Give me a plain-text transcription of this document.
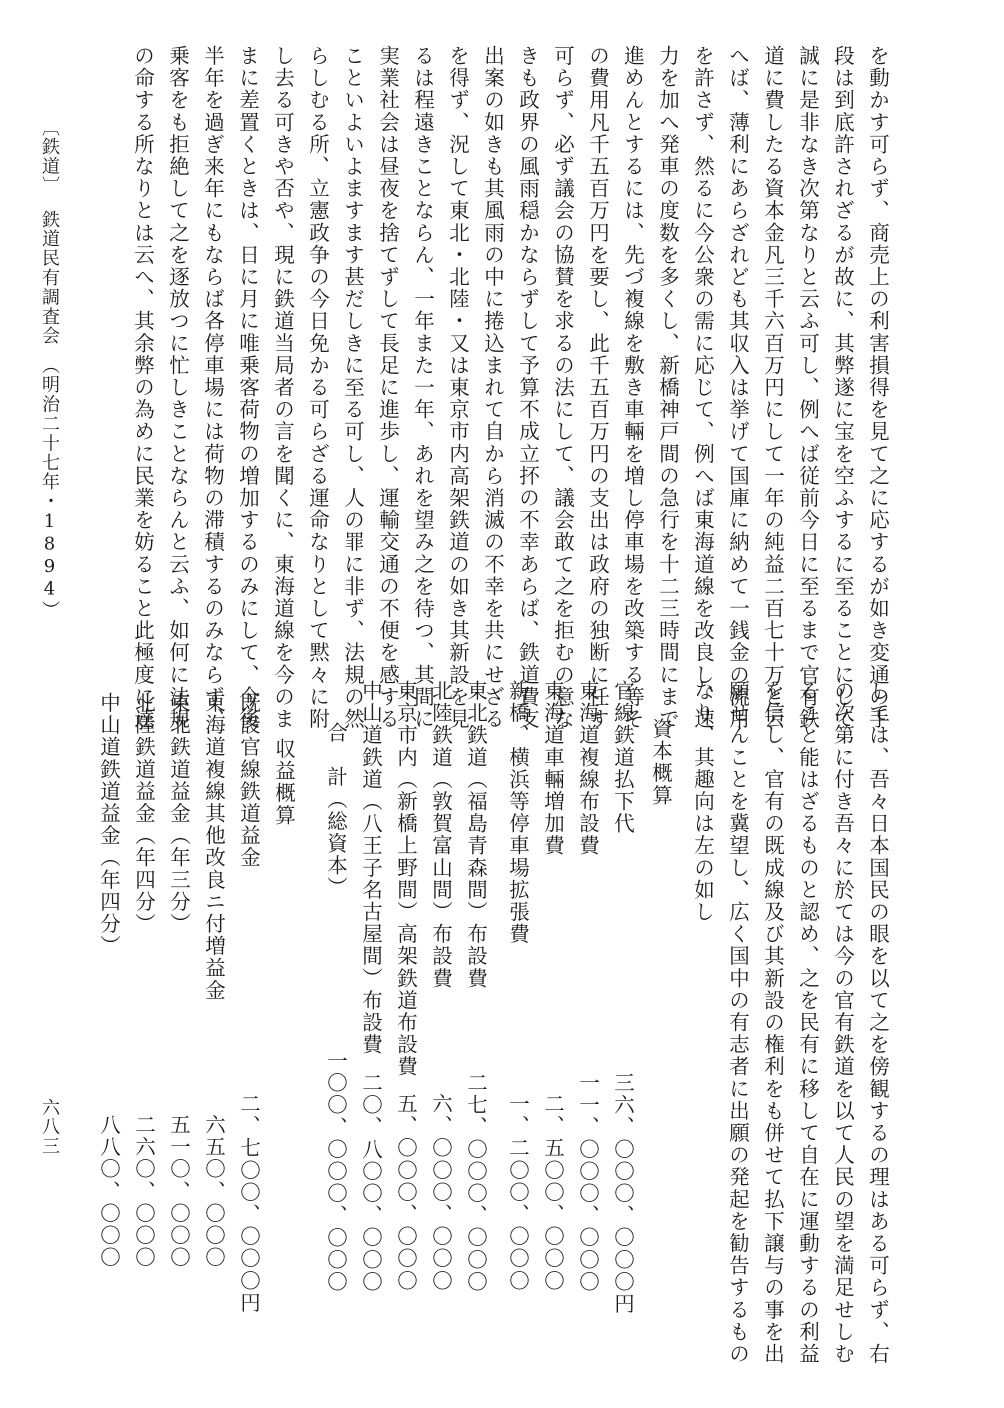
を動かす可らず、商売上の利害損得を見て之に応するが如き変通の手
段は到底許されざるが故に、其弊遂に宝を空ふするに至ることにして
誠に是非なき次第なりと云ふ可し、例へば従前今日に至るまで官有鉄
道に費したる資本金凡三千六百万円にして一年の純益二百七十万と云
へば、薄利にあらざれども其収入は挙げて国庫に納めて一銭金の流用
を許さず、然るに今公衆の需に応じて、例へば東海道線を改良し、速
力を加へ発車の度数を多くし、新橋神戸間の急行を十二三時間にまで
進めんとするには、先づ複線を敷き車輛を増し停車場を改築する等そ
の費用凡千五百万円を要し、此千五百万円の支出は政府の独断に任す
可らず、必ず議会の協賛を求るの法にして、議会敢て之を拒むの意な
きも政界の風雨穏かならずして予算不成立抔の不幸あらば、鉄道費支
出案の如きも其風雨の中に捲込まれて自から消滅の不幸を共にせざる
を得ず、況して東北・北陸・又は東京市内高架鉄道の如き其新設を見
るは程遠きことならん、一年また一年、あれを望み之を待つ、其間に
実業社会は昼夜を捨てずして長足に進歩し、運輸交通の不便を感する
こといよいよますます甚だしきに至る可し、人の罪に非ず、法規の然
らしむる所、立憲政争の今日免かる可らざる運命なりとして黙々に附
し去る可きや否や、現に鉄道当局者の言を聞くに、東海道線を今のま
まに差置くときは、日に月に唯乗客荷物の増加するのみにして、今後
半年を過ぎ来年にもならば各停車場には荷物の滞積するのみならず、
乗客をも拒絶して之を逐放つに忙しきことならんと云ふ、如何に法規
の命する所なりとは云へ、其余弊の為めに民業を妨ること此極度に達
しては、吾々日本国民の眼を以て之を傍観するの理はある可らず、右
の次第に付き吾々に於ては今の官有鉄道を以て人民の望を満足せしむ
ること能はざるものと認め、之を民有に移して自在に運動するの利益
を信し、官有の既成線及び其新設の権利をも併せて払下譲与の事を出
願せんことを冀望し、広く国中の有志者に出願の発起を勧告するもの
なり、其趣向は左の如し
資本概算
官線鉄道払下代
三六、〇〇〇、〇〇〇円
東海道複線布設費
一一、〇〇〇、〇〇〇
東海道車輛増加費
二、五〇〇、〇〇〇
新橋、横浜等停車場拡張費
一、二〇〇、〇〇〇
東北鉄道（福島青森間）布設費
二七、〇〇〇、〇〇〇
北陸鉄道（敦賀富山間）布設費
六、〇〇〇、〇〇〇
東京市内（新橋上野間）高架鉄道布設費
五、〇〇〇、〇〇〇
中山道鉄道（八王子名古屋間）布設費
二〇、八〇〇、〇〇〇
合　計（総資本）
一〇〇、〇〇〇、〇〇〇
収益概算
既設官線鉄道益金
二、七〇〇、〇〇〇円
東海道複線其他改良ニ付増益金
六五〇、〇〇〇
東北鉄道益金（年三分）
五一〇、〇〇〇
北陸鉄道益金（年四分）
二六〇、〇〇〇
中山道鉄道益金（年四分）
八八〇、〇〇〇
〔鉄道〕
鉄道民有調査会
（明治二十七年・1894）
六八三
